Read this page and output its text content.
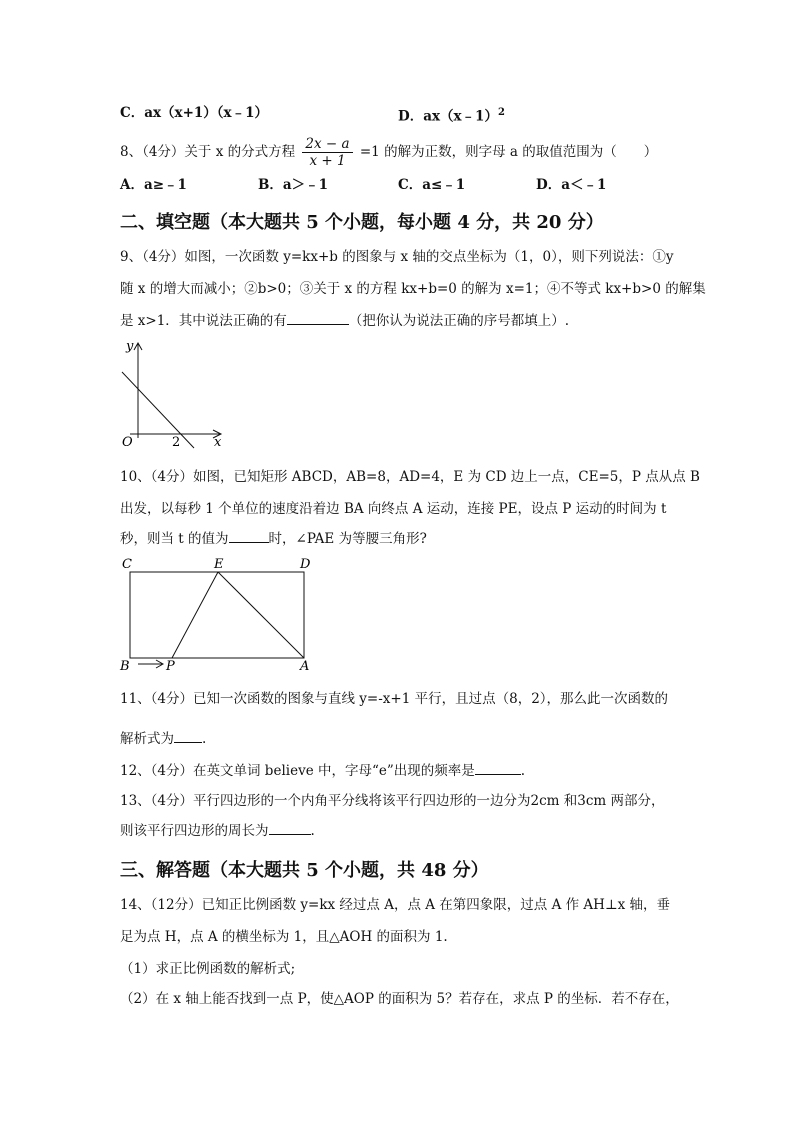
C．ax（x+1）（x﹣1）	D．ax（x﹣1）$^2$
8、（4分）关于 x 的分式方程 $\frac{2x - a}{x + 1} =1$ 的解为正数，则字母 a 的取值范围为（　　）
A．a≥﹣1	B．a＞﹣1	C．a≤﹣1	D．a＜﹣1
二、填空题（本大题共 5 个小题，每小题 4 分，共 20 分）
9、（4分）如图，一次函数 y=kx+b 的图象与 x 轴的交点坐标为（1，0），则下列说法：①y
随 x 的增大而减小；②b>0；③关于 x 的方程 kx+b=0 的解为 x=1；④不等式 kx+b>0 的解集
是 x>1．其中说法正确的有	（把你认为说法正确的序号都填上）.
y
x
O	2
10、（4分）如图，已知矩形 ABCD，AB=8，AD=4，E 为 CD 边上一点，CE=5，P 点从点 B
出发，以每秒 1 个单位的速度沿着边 BA 向终点 A 运动，连接 PE，设点 P 运动的时间为 t
秒，则当 t 的值为	时，∠PAE 为等腰三角形?
C	E	D
B	P	A
11、（4分）已知一次函数的图象与直线 y=-x+1 平行，且过点（8，2），那么此一次函数的
解析式为 .
12、（4分）在英文单词 believe 中，字母“e”出现的频率是	.
13、（4分）平行四边形的一个内角平分线将该平行四边形的一边分为2cm 和3cm 两部分，
则该平行四边形的周长为	.
三、解答题（本大题共 5 个小题，共 48 分）
14、（12分）已知正比例函数 y=kx 经过点 A，点 A 在第四象限，过点 A 作 AH⊥x 轴，垂
足为点 H，点 A 的横坐标为 1，且△AOH 的面积为 1.
（1）求正比例函数的解析式;
（2）在 x 轴上能否找到一点 P，使△AOP 的面积为 5？若存在，求点 P 的坐标．若不存在，
